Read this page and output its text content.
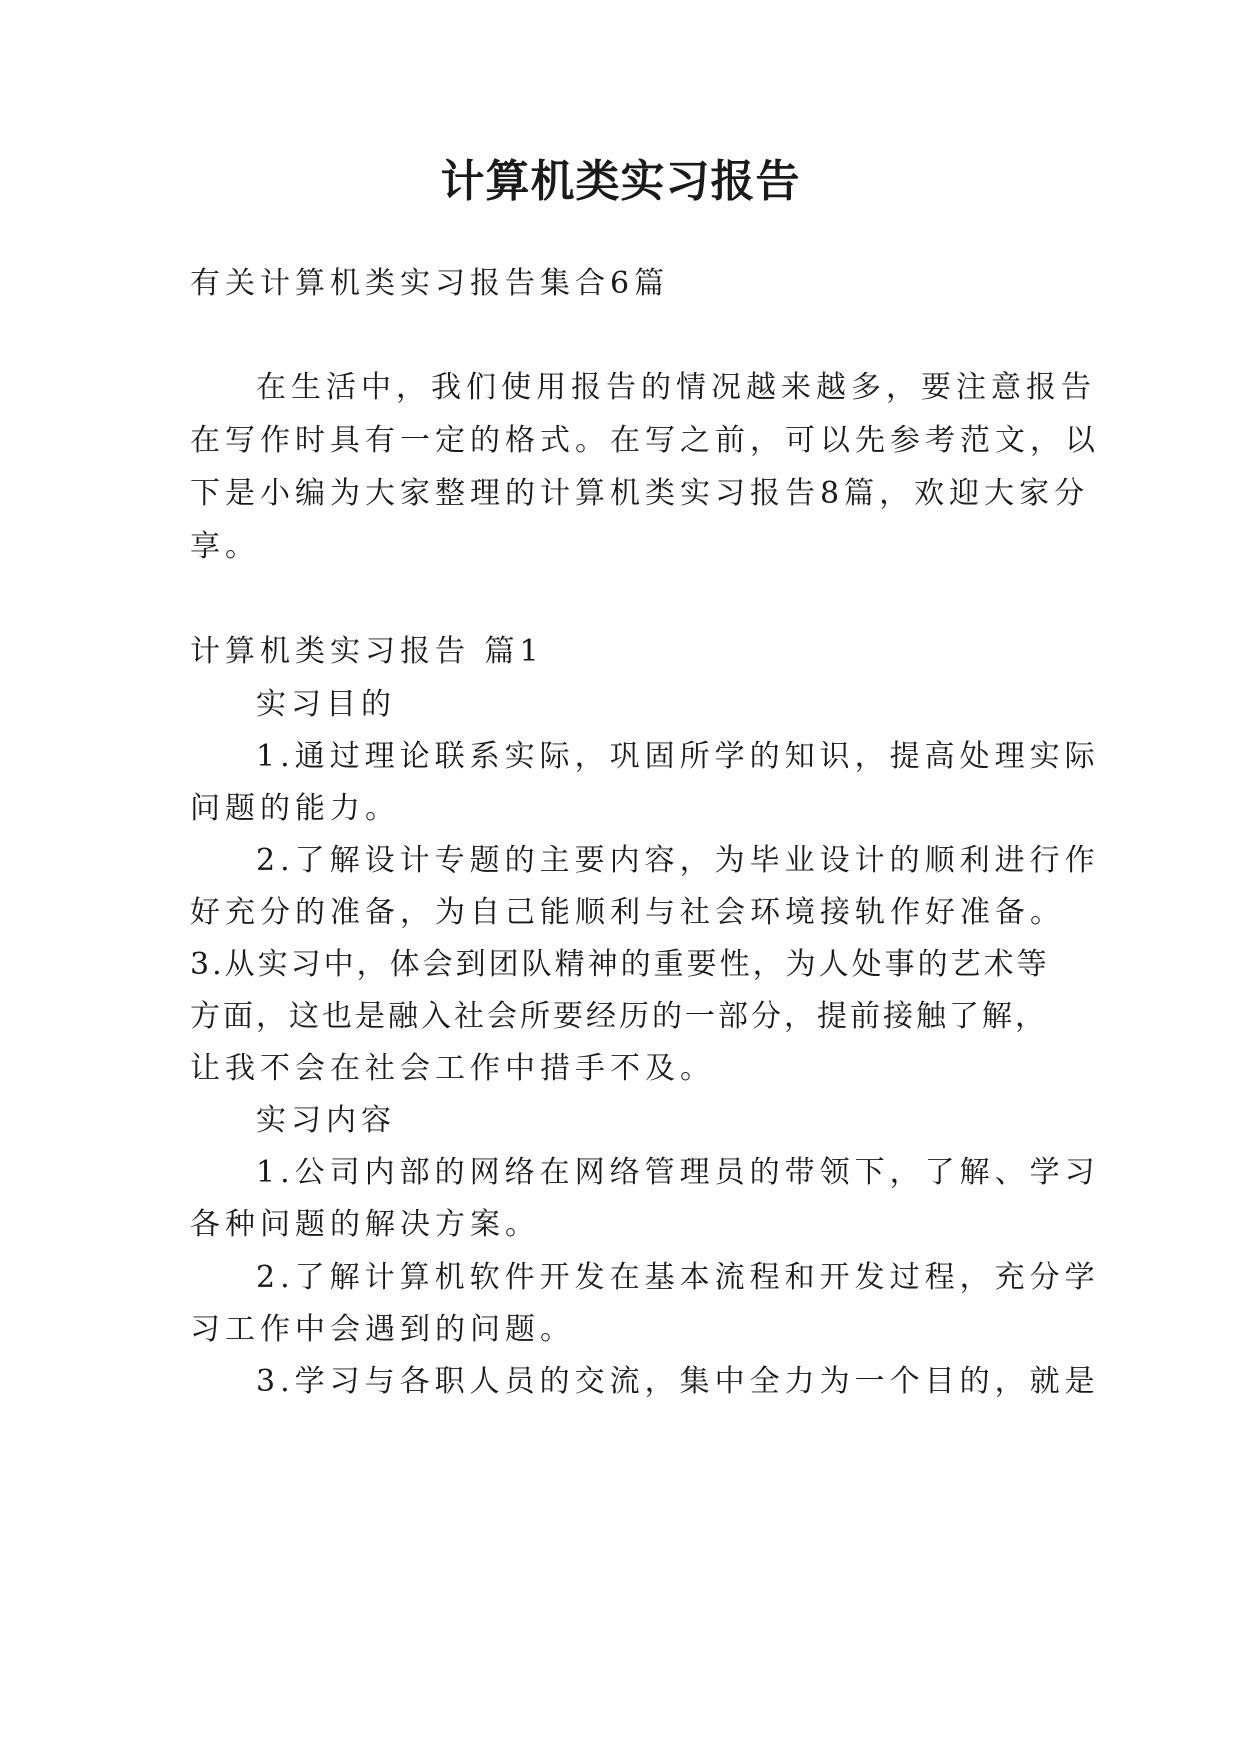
计算机类实习报告
有关计算机类实习报告集合6篇
在生活中，我们使用报告的情况越来越多，要注意报告
在写作时具有一定的格式。在写之前，可以先参考范文，以
下是小编为大家整理的计算机类实习报告8篇，欢迎大家分
享。
计算机类实习报告 篇1
实习目的
1.通过理论联系实际，巩固所学的知识，提高处理实际
问题的能力。
2.了解设计专题的主要内容，为毕业设计的顺利进行作
好充分的准备，为自己能顺利与社会环境接轨作好准备。
3.从实习中，体会到团队精神的重要性，为人处事的艺术等
方面，这也是融入社会所要经历的一部分，提前接触了解，
让我不会在社会工作中措手不及。
实习内容
1.公司内部的网络在网络管理员的带领下，了解、学习
各种问题的解决方案。
2.了解计算机软件开发在基本流程和开发过程，充分学
习工作中会遇到的问题。
3.学习与各职人员的交流，集中全力为一个目的，就是
